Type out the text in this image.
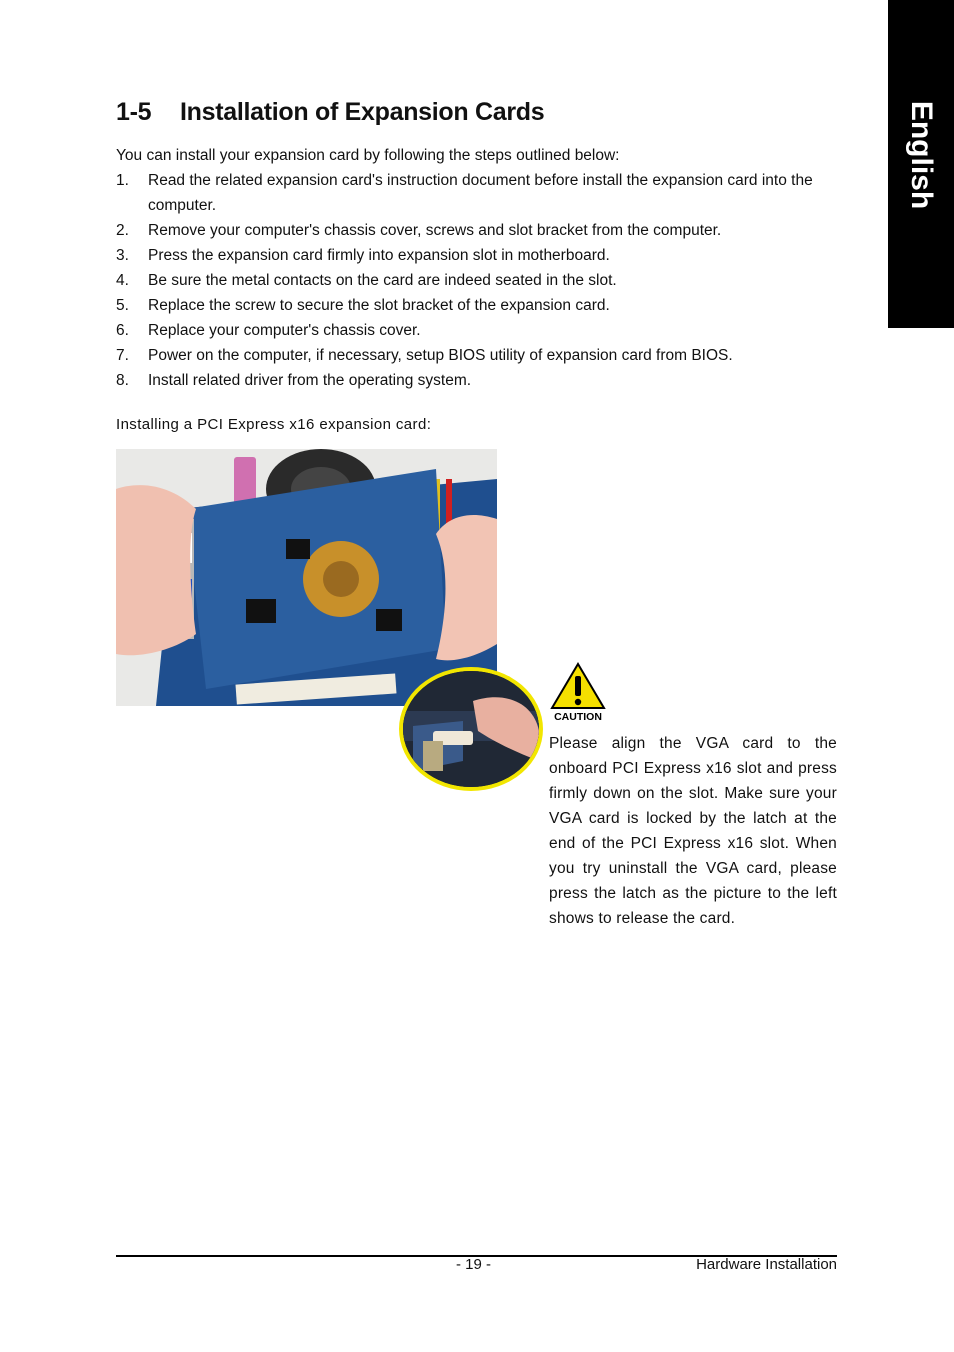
English
1-5 Installation of Expansion Cards
You can install your expansion card by following the steps outlined below:
1.	Read the related expansion card's instruction document before install the expansion card into the computer.
2.	Remove your computer's chassis cover, screws and slot bracket from the computer.
3.	Press the expansion card firmly into expansion slot in motherboard.
4.	Be sure the metal contacts on the card are indeed seated in the slot.
5.	Replace the screw to secure the slot bracket of the expansion card.
6.	Replace your computer's chassis cover.
7.	Power on the computer, if necessary, setup BIOS utility of expansion card from BIOS.
8.	Install related driver from the operating system.
Installing a PCI Express x16 expansion card:
CAUTION
Please align the VGA card to the onboard PCI Express x16 slot and press firmly down on the slot. Make sure your VGA card is locked by the latch at the end of the PCI Express x16 slot. When you try uninstall the VGA card, please press the latch as the picture to the left shows to release the card.
- 19 -	Hardware Installation
